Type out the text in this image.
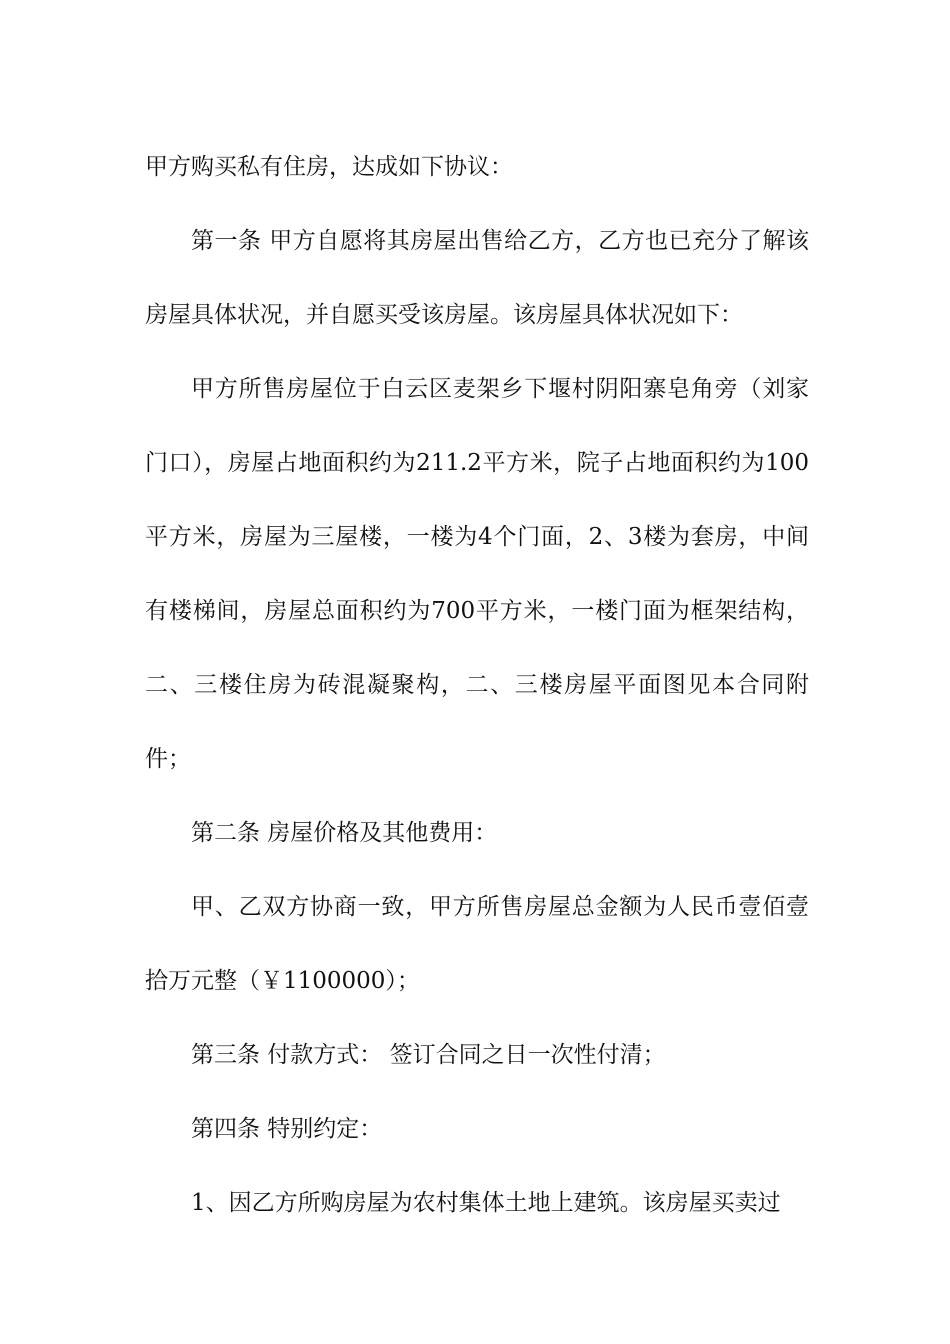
甲方购买私有住房，达成如下协议：

第一条 甲方自愿将其房屋出售给乙方，乙方也已充分了解该房屋具体状况，并自愿买受该房屋。该房屋具体状况如下：

甲方所售房屋位于白云区麦架乡下堰村阴阳寨皂角旁（刘家门口），房屋占地面积约为211.2平方米，院子占地面积约为100平方米，房屋为三屋楼，一楼为4个门面，2、3楼为套房，中间有楼梯间，房屋总面积约为700平方米，一楼门面为框架结构，二、三楼住房为砖混凝聚构，二、三楼房屋平面图见本合同附件；

第二条 房屋价格及其他费用：

甲、乙双方协商一致，甲方所售房屋总金额为人民币壹佰壹拾万元整（￥1100000）；

第三条 付款方式： 签订合同之日一次性付清；

第四条 特别约定：

1、因乙方所购房屋为农村集体土地上建筑。该房屋买卖过
